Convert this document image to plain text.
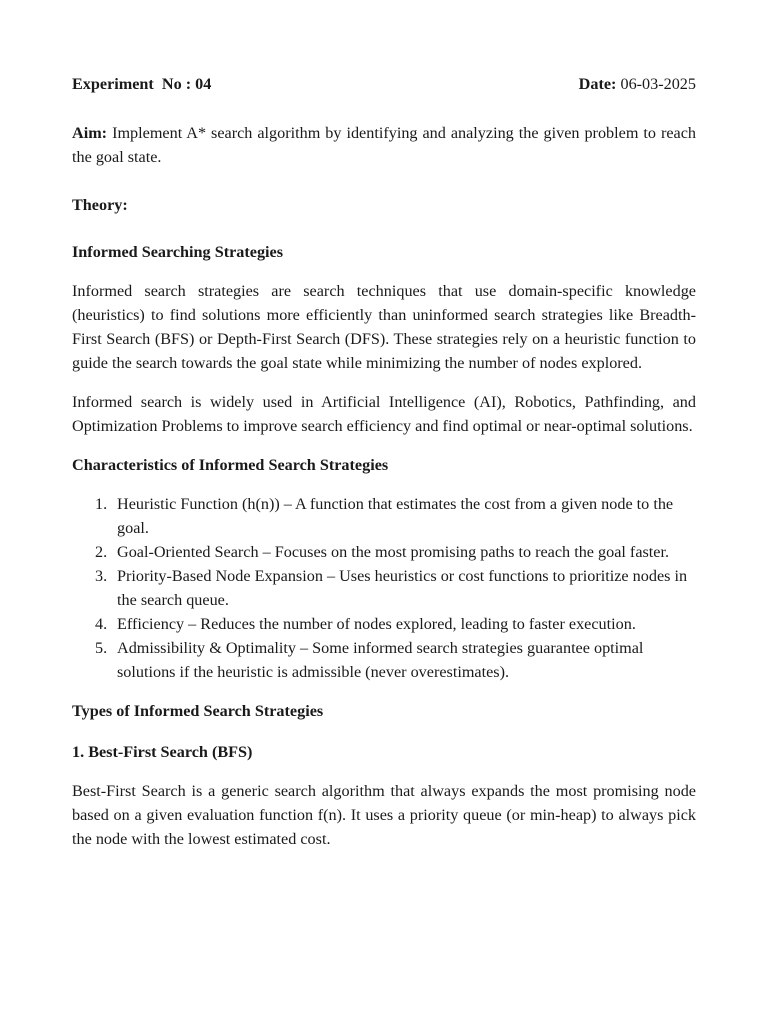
Experiment  No : 04	Date: 06-03-2025

Aim: Implement A* search algorithm by identifying and analyzing the given problem to reach the goal state.

Theory:

Informed Searching Strategies

Informed search strategies are search techniques that use domain-specific knowledge (heuristics) to find solutions more efficiently than uninformed search strategies like Breadth-First Search (BFS) or Depth-First Search (DFS). These strategies rely on a heuristic function to guide the search towards the goal state while minimizing the number of nodes explored.

Informed search is widely used in Artificial Intelligence (AI), Robotics, Pathfinding, and Optimization Problems to improve search efficiency and find optimal or near-optimal solutions.

Characteristics of Informed Search Strategies

1. Heuristic Function (h(n)) – A function that estimates the cost from a given node to the goal.
2. Goal-Oriented Search – Focuses on the most promising paths to reach the goal faster.
3. Priority-Based Node Expansion – Uses heuristics or cost functions to prioritize nodes in the search queue.
4. Efficiency – Reduces the number of nodes explored, leading to faster execution.
5. Admissibility & Optimality – Some informed search strategies guarantee optimal solutions if the heuristic is admissible (never overestimates).

Types of Informed Search Strategies

1. Best-First Search (BFS)

Best-First Search is a generic search algorithm that always expands the most promising node based on a given evaluation function f(n). It uses a priority queue (or min-heap) to always pick the node with the lowest estimated cost.
